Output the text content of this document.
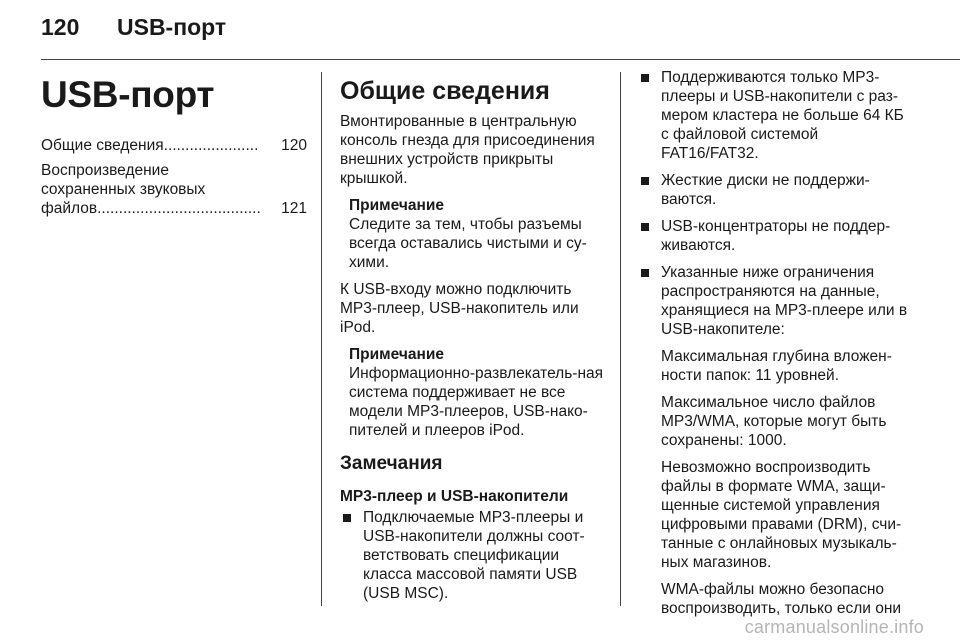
120 USB-порт
USB-порт
Общие сведения ......................	120
Воспроизведение
сохраненных звуковых
файлов ......................................	121
Общие сведения

Вмонтированные в центральную консоль гнезда для присоединения внешних устройств прикрыты крышкой.

Примечание

Следите за тем, чтобы разъемы всегда оставались чистыми и су-хими.

К USB-входу можно подключить MP3-плеер, USB-накопитель или iPod.

Примечание

Информационно-развлекатель-ная система поддерживает не все модели MP3-плееров, USB-нако-пителей и плееров iPod.

Замечания
MP3-плеер и USB-накопители
Подключаемые MP3-плееры и USB-накопители должны соот-ветствовать спецификации класса массовой памяти USB (USB MSC).
Поддерживаются только MP3-плееры и USB-накопители с раз-мером кластера не больше 64 КБ с файловой системой FAT16/FAT32.
Жесткие диски не поддержи-ваются.
USB-концентраторы не поддер-живаются.
Указанные ниже ограничения распространяются на данные, хранящиеся на MP3-плеере или в USB-накопителе:
Максимальная глубина вложен-ности папок: 11 уровней.
Максимальное число файлов MP3/WMA, которые могут быть сохранены: 1000.
Невозможно воспроизводить файлы в формате WMA, защи-щенные системой управления цифровыми правами (DRM), счи-танные с онлайновых музыкаль-ных магазинов.
WMA-файлы можно безопасно воспроизводить, только если они
carmanualsonline.info
